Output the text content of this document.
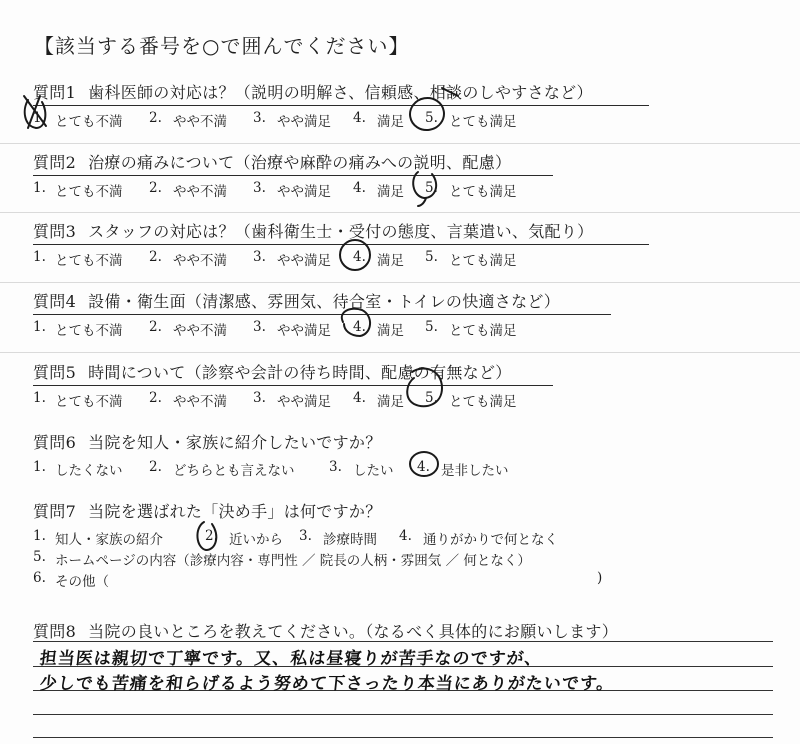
【該当する番号を○で囲んでください】
質問1 歯科医師の対応は？（説明の明解さ、信頼感、相談のしやすさなど）
1. とても不満 2. やや不満 3. やや満足 4. 満足 5. とても満足
質問2 治療の痛みについて（治療や麻酔の痛みへの説明、配慮）
1. とても不満 2. やや不満 3. やや満足 4. 満足 5. とても満足
質問3 スタッフの対応は？（歯科衛生士・受付の態度、言葉遣い、気配り）
1. とても不満 2. やや不満 3. やや満足 4. 満足 5. とても満足
質問4 設備・衛生面（清潔感、雰囲気、待合室・トイレの快適さなど）
1. とても不満 2. やや不満 3. やや満足 4. 満足 5. とても満足
質問5 時間について（診察や会計の待ち時間、配慮の有無など）
1. とても不満 2. やや不満 3. やや満足 4. 満足 5. とても満足
質問6 当院を知人・家族に紹介したいですか？
1. したくない 2. どちらとも言えない	3. したい 4. 是非したい
質問7 当院を選ばれた「決め手」は何ですか？
1. 知人・家族の紹介	2. 近いから 3. 診療時間 4. 通りがかりで何となく
5. ホームページの内容（診療内容・専門性 ／ 院長の人柄・雰囲気 ／ 何となく）
6. その他（	)
質問8 当院の良いところを教えてください。（なるべく具体的にお願いします）
担当医は親切で丁寧です。又、私は昼寝りが苦手なのですが、
少しでも苦痛を和らげるよう努めて下さったり本当にありがたいです。
